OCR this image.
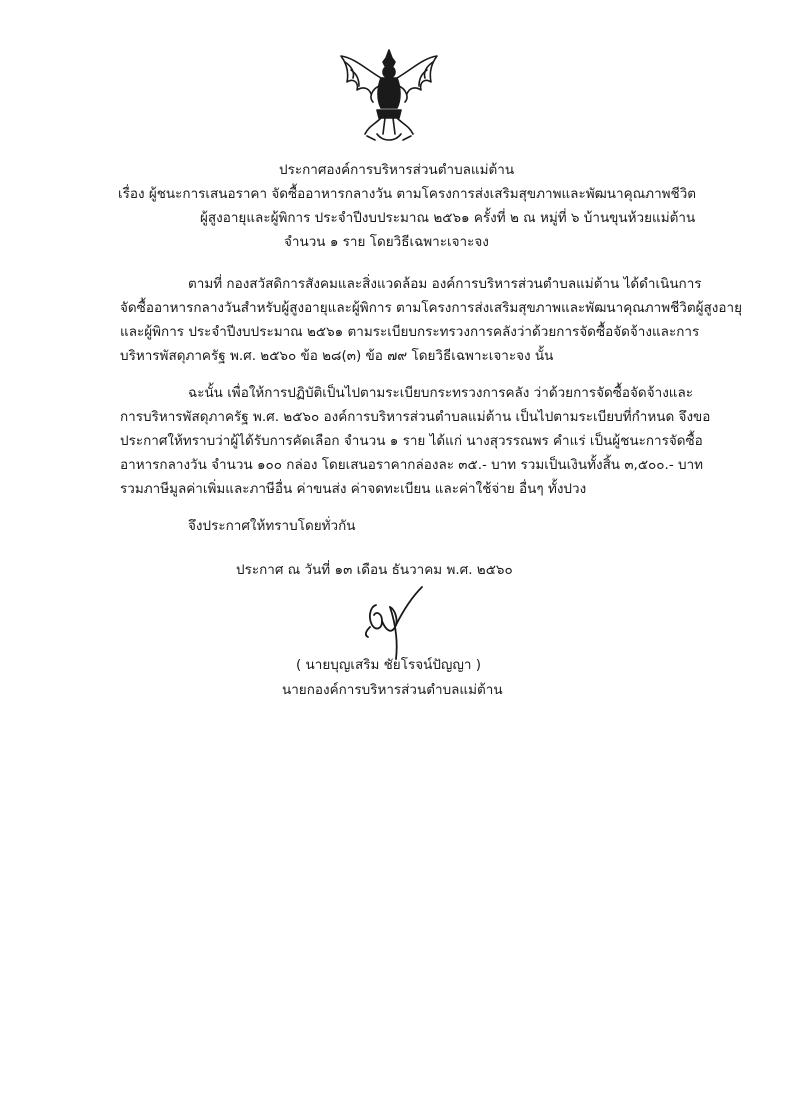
ประกาศองค์การบริหารส่วนตำบลแม่ต้าน
เรื่อง ผู้ชนะการเสนอราคา จัดซื้ออาหารกลางวัน ตามโครงการส่งเสริมสุขภาพและพัฒนาคุณภาพชีวิต
ผู้สูงอายุและผู้พิการ ประจำปีงบประมาณ ๒๕๖๑ ครั้งที่ ๒ ณ หมู่ที่ ๖ บ้านขุนห้วยแม่ต้าน
จำนวน ๑ ราย โดยวิธีเฉพาะเจาะจง
ตามที่ กองสวัสดิการสังคมและสิ่งแวดล้อม องค์การบริหารส่วนตำบลแม่ต้าน ได้ดำเนินการ
จัดซื้ออาหารกลางวันสำหรับผู้สูงอายุและผู้พิการ ตามโครงการส่งเสริมสุขภาพและพัฒนาคุณภาพชีวิตผู้สูงอายุ
และผู้พิการ ประจำปีงบประมาณ ๒๕๖๑ ตามระเบียบกระทรวงการคลังว่าด้วยการจัดซื้อจัดจ้างและการ
บริหารพัสดุภาครัฐ พ.ศ. ๒๕๖๐ ข้อ ๒๘(๓) ข้อ ๗๙ โดยวิธีเฉพาะเจาะจง นั้น
ฉะนั้น เพื่อให้การปฏิบัติเป็นไปตามระเบียบกระทรวงการคลัง ว่าด้วยการจัดซื้อจัดจ้างและ
การบริหารพัสดุภาครัฐ พ.ศ. ๒๕๖๐ องค์การบริหารส่วนตำบลแม่ต้าน เป็นไปตามระเบียบที่กำหนด จึงขอ
ประกาศให้ทราบว่าผู้ได้รับการคัดเลือก จำนวน ๑ ราย ได้แก่ นางสุวรรณพร คำแร่ เป็นผู้ชนะการจัดซื้อ
อาหารกลางวัน จำนวน ๑๐๐ กล่อง โดยเสนอราคากล่องละ ๓๕.- บาท รวมเป็นเงินทั้งสิ้น ๓,๕๐๐.- บาท
รวมภาษีมูลค่าเพิ่มและภาษีอื่น ค่าขนส่ง ค่าจดทะเบียน และค่าใช้จ่าย อื่นๆ ทั้งปวง
จึงประกาศให้ทราบโดยทั่วกัน
ประกาศ ณ วันที่ ๑๓ เดือน ธันวาคม พ.ศ. ๒๕๖๐
( นายบุญเสริม ชัยโรจน์ปัญญา )
นายกองค์การบริหารส่วนตำบลแม่ต้าน
